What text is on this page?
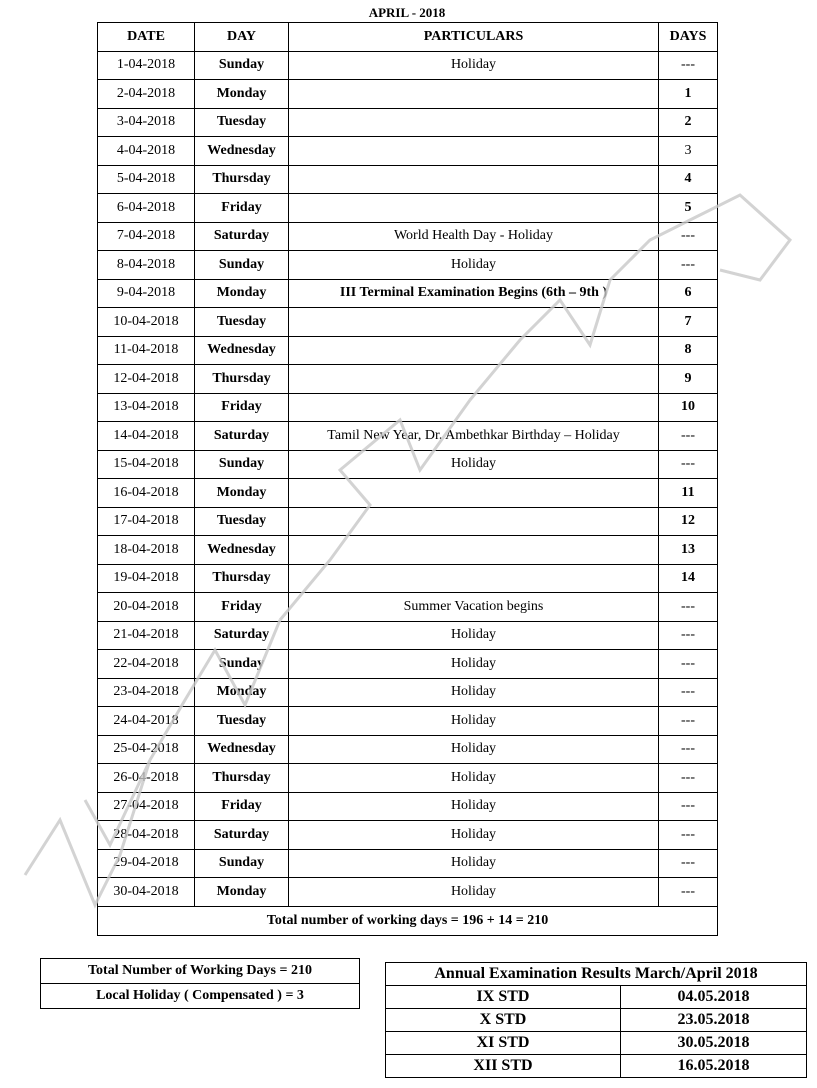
APRIL - 2018
DATE	DAY	PARTICULARS	DAYS
1-04-2018	Sunday	Holiday	---
2-04-2018	Monday		1
3-04-2018	Tuesday		2
4-04-2018	Wednesday		3
5-04-2018	Thursday		4
6-04-2018	Friday		5
7-04-2018	Saturday	World Health Day - Holiday	---
8-04-2018	Sunday	Holiday	---
9-04-2018	Monday	III Terminal Examination Begins (6th – 9th )	6
10-04-2018	Tuesday		7
11-04-2018	Wednesday		8
12-04-2018	Thursday		9
13-04-2018	Friday		10
14-04-2018	Saturday	Tamil New Year, Dr. Ambethkar Birthday – Holiday	---
15-04-2018	Sunday	Holiday	---
16-04-2018	Monday		11
17-04-2018	Tuesday		12
18-04-2018	Wednesday		13
19-04-2018	Thursday		14
20-04-2018	Friday	Summer Vacation begins	---
21-04-2018	Saturday	Holiday	---
22-04-2018	Sunday	Holiday	---
23-04-2018	Monday	Holiday	---
24-04-2018	Tuesday	Holiday	---
25-04-2018	Wednesday	Holiday	---
26-04-2018	Thursday	Holiday	---
27-04-2018	Friday	Holiday	---
28-04-2018	Saturday	Holiday	---
29-04-2018	Sunday	Holiday	---
30-04-2018	Monday	Holiday	---
Total number of working days = 196 + 14 = 210			
Total Number of Working Days = 210
Local Holiday ( Compensated ) = 3
Annual Examination Results March/April 2018	
IX STD	04.05.2018
X STD	23.05.2018
XI STD	30.05.2018
XII STD	16.05.2018
